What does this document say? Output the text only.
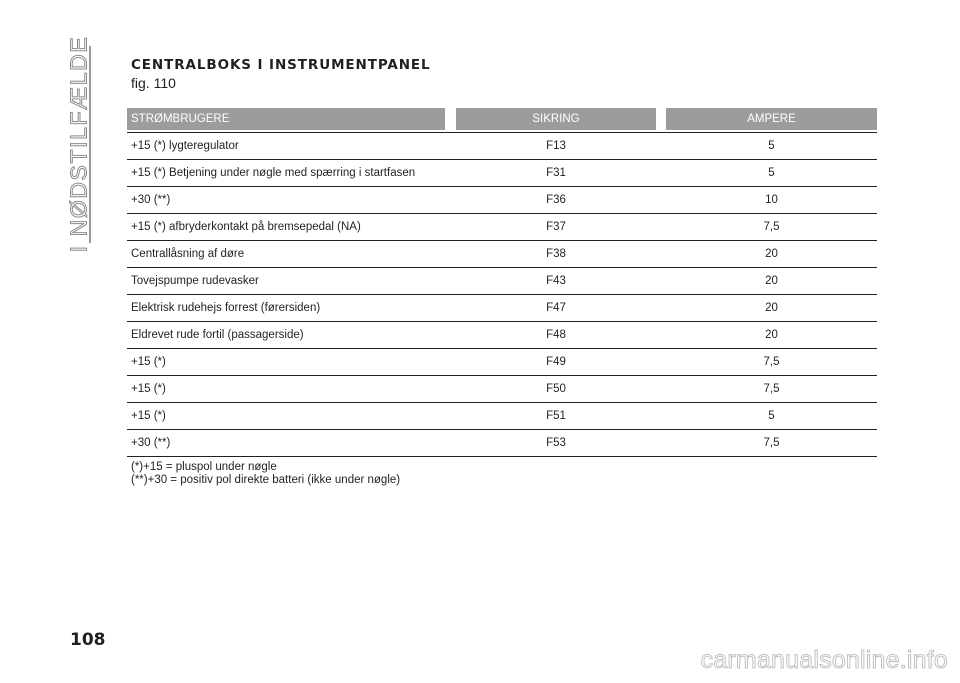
I NØDSTILFÆLDE	CENTRALBOKS I INSTRUMENTPANEL
fig. 110
STRØMBRUGERE	SIKRING	AMPERE
+15 (*) lygteregulator	F13	5
+15 (*) Betjening under nøgle med spærring i startfasen	F31	5
+30 (**)	F36	10
+15 (*) afbryderkontakt på bremsepedal (NA)	F37	7,5
Centrallåsning af døre	F38	20
Tovejspumpe rudevasker	F43	20
Elektrisk rudehejs forrest (førersiden)	F47	20
Eldrevet rude fortil (passagerside)	F48	20
+15 (*)	F49	7,5
+15 (*)	F50	7,5
+15 (*)	F51	5
+30 (**)	F53	7,5
(*)+15 = pluspol under nøgle
(**)+30 = positiv pol direkte batteri (ikke under nøgle)
108
carmanualsonline.info
